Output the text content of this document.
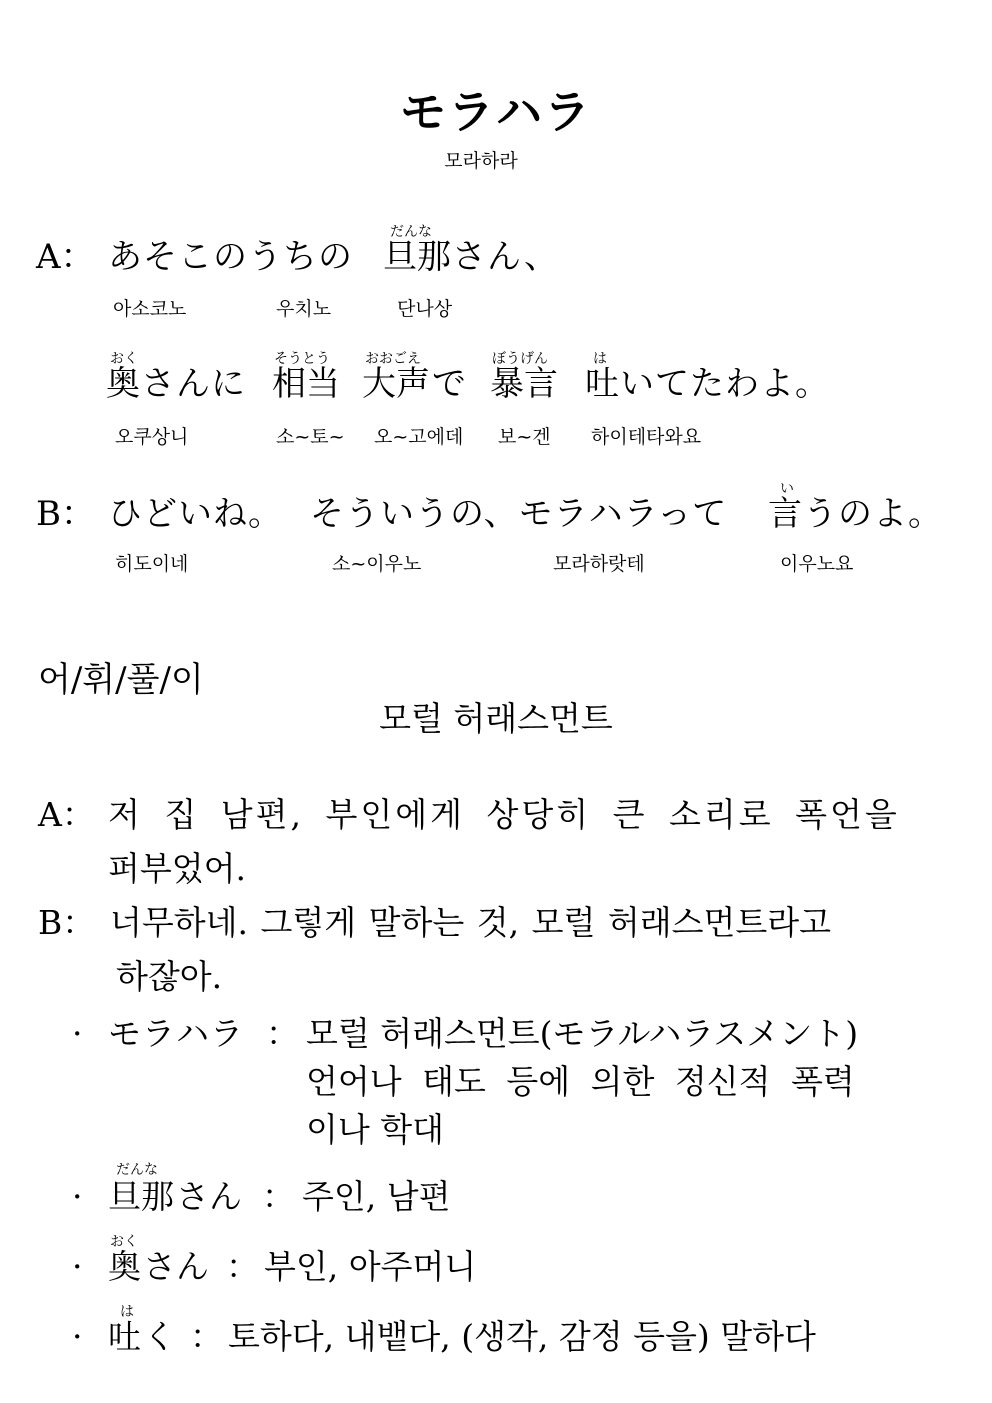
モラハラ
모라하라
A： あそこのうちの
だんな
旦那 さん、
아소코노	우치노	단나상
おく
奥 さんに
そうとう
相当
おおごえ
大声 で
ぼうげん
暴言
は
吐 いてたわよ。
오쿠상니	소~토~ 오~고에데 보~겐 하이테타와요
B： ひどいね。 そういうの、モラハラって
い
言 うのよ。
히도이네	소~이우노	모라하랏테	이우노요
어/휘/풀/이
모럴 허래스먼트
A： 저 집 남편, 부인에게 상당히 큰 소리로 폭언을
퍼부었어.
B： 너무하네. 그렇게 말하는 것, 모럴 허래스먼트라고
하잖아.
· モラハラ ： 모럴 허래스먼트(モラルハラスメント)
언어나 태도 등에 의한 정신적 폭력
이나 학대
だんな
· 旦那 さん ： 주인, 남편
おく
· 奥 さん ： 부인, 아주머니
は
· 吐 く ： 토하다, 내뱉다, (생각, 감정 등을) 말하다
